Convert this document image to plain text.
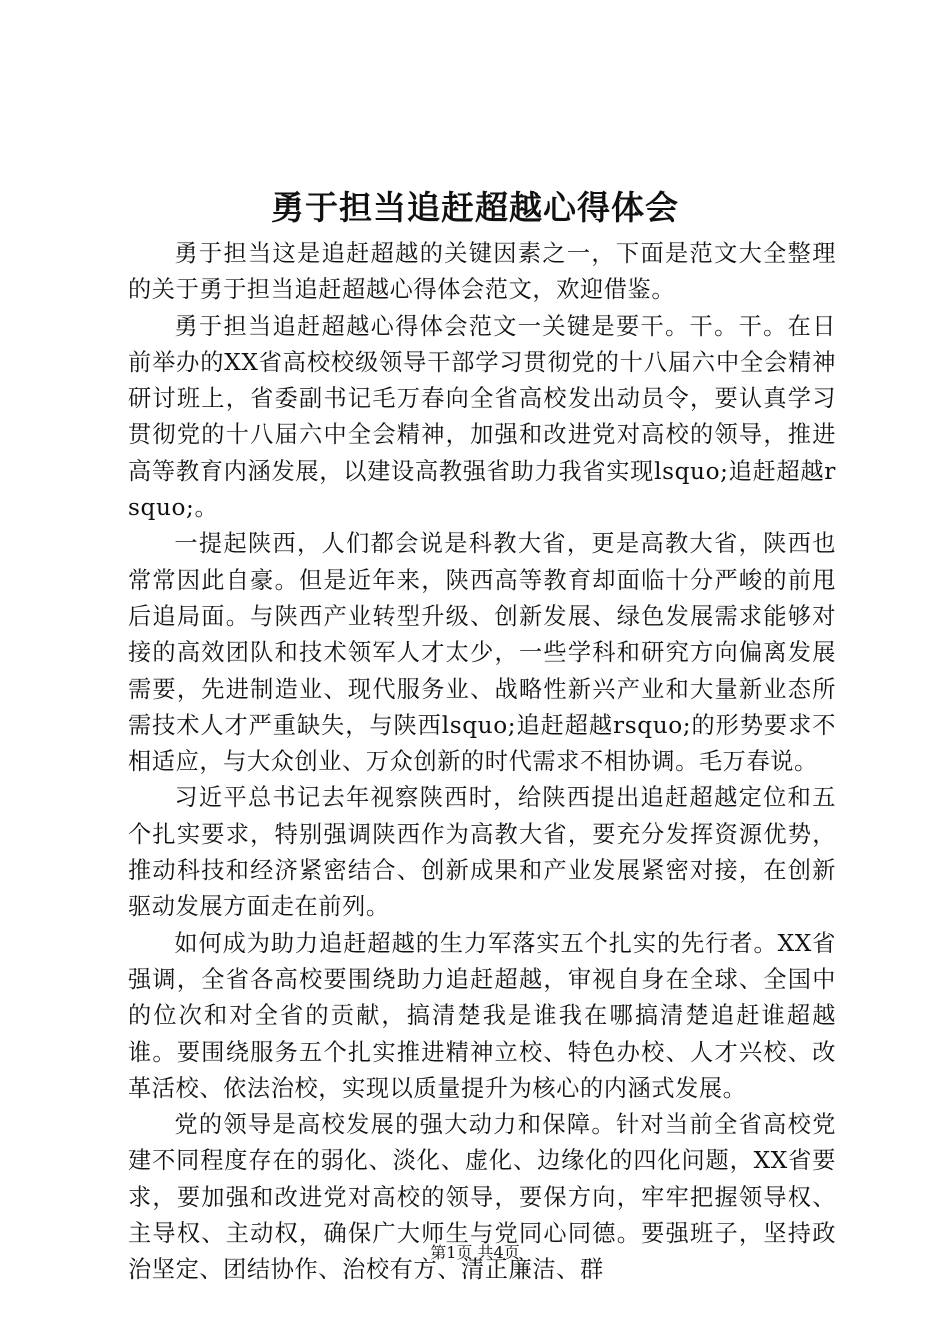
勇于担当追赶超越心得体会

勇于担当这是追赶超越的关键因素之一，下面是范文大全整理的关于勇于担当追赶超越心得体会范文，欢迎借鉴。

勇于担当追赶超越心得体会范文一关键是要干。干。干。在日前举办的XX省高校校级领导干部学习贯彻党的十八届六中全会精神研讨班上，省委副书记毛万春向全省高校发出动员令，要认真学习贯彻党的十八届六中全会精神，加强和改进党对高校的领导，推进高等教育内涵发展，以建设高教强省助力我省实现lsquo;追赶超越rsquo;。

一提起陕西，人们都会说是科教大省，更是高教大省，陕西也常常因此自豪。但是近年来，陕西高等教育却面临十分严峻的前甩后追局面。与陕西产业转型升级、创新发展、绿色发展需求能够对接的高效团队和技术领军人才太少，一些学科和研究方向偏离发展需要，先进制造业、现代服务业、战略性新兴产业和大量新业态所需技术人才严重缺失，与陕西lsquo;追赶超越rsquo;的形势要求不相适应，与大众创业、万众创新的时代需求不相协调。毛万春说。

习近平总书记去年视察陕西时，给陕西提出追赶超越定位和五个扎实要求，特别强调陕西作为高教大省，要充分发挥资源优势，推动科技和经济紧密结合、创新成果和产业发展紧密对接，在创新驱动发展方面走在前列。

如何成为助力追赶超越的生力军落实五个扎实的先行者。XX省强调，全省各高校要围绕助力追赶超越，审视自身在全球、全国中的位次和对全省的贡献，搞清楚我是谁我在哪搞清楚追赶谁超越谁。要围绕服务五个扎实推进精神立校、特色办校、人才兴校、改革活校、依法治校，实现以质量提升为核心的内涵式发展。

党的领导是高校发展的强大动力和保障。针对当前全省高校党建不同程度存在的弱化、淡化、虚化、边缘化的四化问题，XX省要求，要加强和改进党对高校的领导，要保方向，牢牢把握领导权、主导权、主动权，确保广大师生与党同心同德。要强班子，坚持政治坚定、团结协作、治校有方、清正廉洁、群

第1页 共4页
